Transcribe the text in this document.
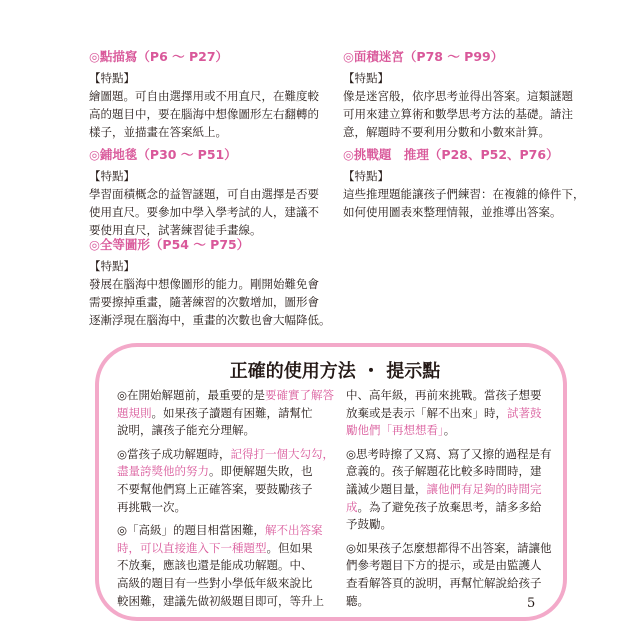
◎點描寫（P6 ～ P27）
【特點】
繪圖題。可自由選擇用或不用直尺，在難度較
高的題目中，要在腦海中想像圖形左右翻轉的
樣子，並描畫在答案紙上。
◎鋪地毯（P30 ～ P51）
【特點】
學習面積概念的益智謎題，可自由選擇是否要
使用直尺。要參加中學入學考試的人，建議不
要使用直尺，試著練習徒手畫線。
◎全等圖形（P54 ～ P75）
【特點】
發展在腦海中想像圖形的能力。剛開始難免會
需要擦掉重畫，隨著練習的次數增加，圖形會
逐漸浮現在腦海中，重畫的次數也會大幅降低。
◎面積迷宮（P78 ～ P99）
【特點】
像是迷宮般，依序思考並得出答案。這類謎題
可用來建立算術和數學思考方法的基礎。請注
意，解題時不要利用分數和小數來計算。
◎挑戰題　推理（P28、P52、P76）
【特點】
這些推理題能讓孩子們練習：在複雜的條件下，
如何使用圖表來整理情報，並推導出答案。
正確的使用方法 ・ 提示點
◎在開始解題前，最重要的是要確實了解答
題規則。如果孩子讀題有困難，請幫忙
說明，讓孩子能充分理解。

◎當孩子成功解題時，記得打一個大勾勾，
盡量誇獎他的努力。即便解題失敗，也
不要幫他們寫上正確答案，要鼓勵孩子
再挑戰一次。

◎「高級」的題目相當困難，解不出答案
時，可以直接進入下一種題型。但如果
不放棄，應該也還是能成功解題。中、
高級的題目有一些對小學低年級來說比
較困難，建議先做初級題目即可，等升上
中、高年級，再前來挑戰。當孩子想要
放棄或是表示「解不出來」時，試著鼓
勵他們「再想想看」。

◎思考時擦了又寫、寫了又擦的過程是有
意義的。孩子解題花比較多時間時，建
議減少題目量，讓他們有足夠的時間完
成。為了避免孩子放棄思考，請多多給
予鼓勵。

◎如果孩子怎麼想都得不出答案，請讓他
們參考題目下方的提示，或是由監護人
查看解答頁的說明，再幫忙解說給孩子
聽。	5
